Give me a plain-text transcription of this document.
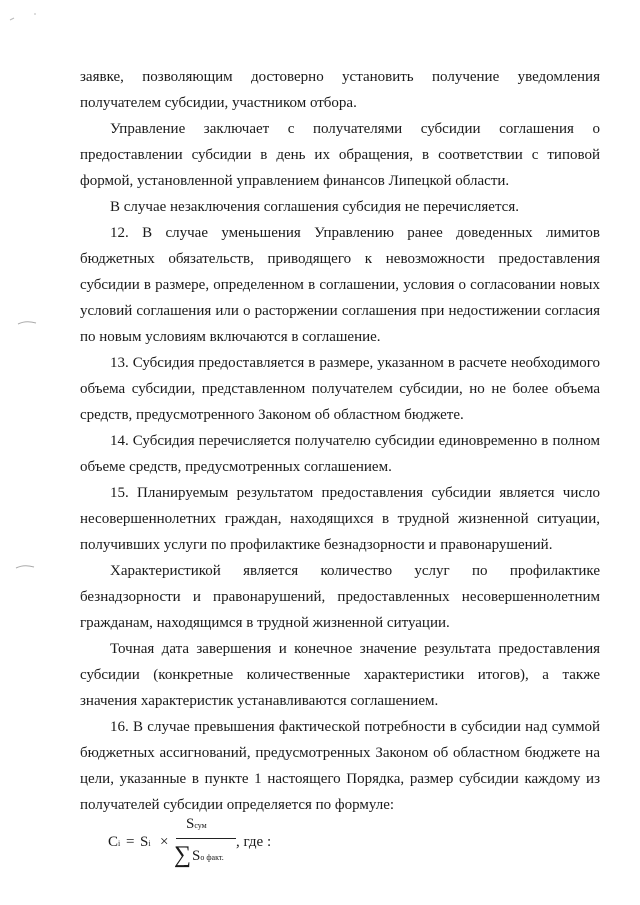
заявке, позволяющим достоверно установить получение уведомления получателем субсидии, участником отбора.

Управление заключает с получателями субсидии соглашения о предоставлении субсидии в день их обращения, в соответствии с типовой формой, установленной управлением финансов Липецкой области.

В случае незаключения соглашения субсидия не перечисляется.

12. В случае уменьшения Управлению ранее доведенных лимитов бюджетных обязательств, приводящего к невозможности предоставления субсидии в размере, определенном в соглашении, условия о согласовании новых условий соглашения или о расторжении соглашения при недостижении согласия по новым условиям включаются в соглашение.

13. Субсидия предоставляется в размере, указанном в расчете необходимого объема субсидии, представленном получателем субсидии, но не более объема средств, предусмотренного Законом об областном бюджете.

14. Субсидия перечисляется получателю субсидии единовременно в полном объеме средств, предусмотренных соглашением.

15. Планируемым результатом предоставления субсидии является число несовершеннолетних граждан, находящихся в трудной жизненной ситуации, получивших услуги по профилактике безнадзорности и правонарушений.

Характеристикой является количество услуг по профилактике безнадзорности и правонарушений, предоставленных несовершеннолетним гражданам, находящимся в трудной жизненной ситуации.

Точная дата завершения и конечное значение результата предоставления субсидии (конкретные количественные характеристики итогов), а также значения характеристик устанавливаются соглашением.

16. В случае превышения фактической потребности в субсидии над суммой бюджетных ассигнований, предусмотренных Законом об областном бюджете на цели, указанные в пункте 1 настоящего Порядка, размер субсидии каждому из получателей субсидии определяется по формуле:

Ci = Si ×
Sсум
∑ Sо факт.
, где :
